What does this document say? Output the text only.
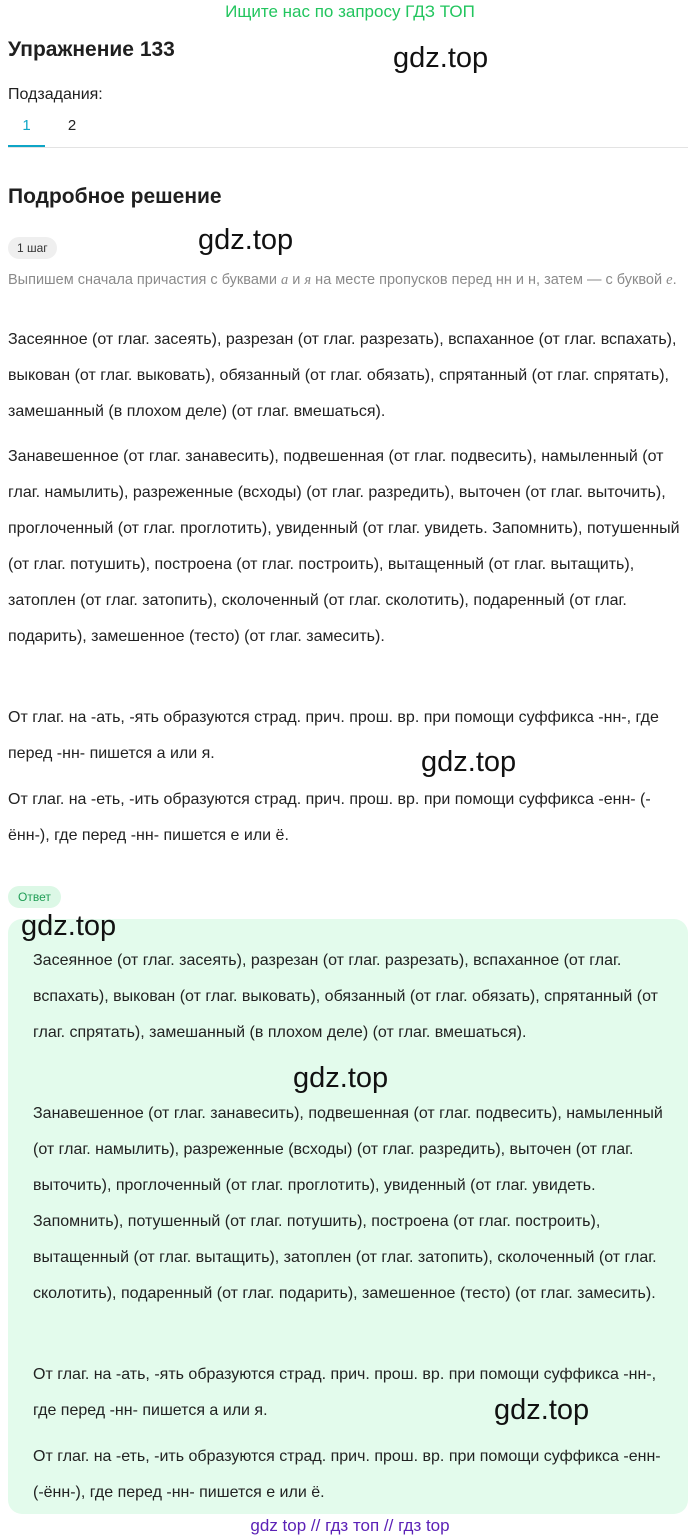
Ищите нас по запросу ГДЗ ТОП
Упражнение 133	gdz.top
Подзадания:
1	2
Подробное решение
gdz.top
1 шаг
Выпишем сначала причастия с буквами а и я на месте пропусков перед нн и н, затем — с буквой е.
Засеянное (от глаг. засеять), разрезан (от глаг. разрезать), вспаханное (от глаг. вспахать), выкован (от глаг. выковать), обязанный (от глаг. обязать), спрятанный (от глаг. спрятать), замешанный (в плохом деле) (от глаг. вмешаться).
Занавешенное (от глаг. занавесить), подвешенная (от глаг. подвесить), намыленный (от глаг. намылить), разреженные (всходы) (от глаг. разредить), выточен (от глаг. выточить), проглоченный (от глаг. проглотить), увиденный (от глаг. увидеть. Запомнить), потушенный (от глаг. потушить), построена (от глаг. построить), вытащенный (от глаг. вытащить), затоплен (от глаг. затопить), сколоченный (от глаг. сколотить), подаренный (от глаг. подарить), замешенное (тесто) (от глаг. замесить).
От глаг. на -ать, -ять образуются страд. прич. прош. вр. при помощи суффикса -нн-, где перед -нн- пишется а или я.	gdz.top
От глаг. на -еть, -ить образуются страд. прич. прош. вр. при помощи суффикса -енн- (-ённ-), где перед -нн- пишется е или ё.
Ответ
gdz.top
Засеянное (от глаг. засеять), разрезан (от глаг. разрезать), вспаханное (от глаг. вспахать), выкован (от глаг. выковать), обязанный (от глаг. обязать), спрятанный (от глаг. спрятать), замешанный (в плохом деле) (от глаг. вмешаться).
gdz.top
Занавешенное (от глаг. занавесить), подвешенная (от глаг. подвесить), намыленный (от глаг. намылить), разреженные (всходы) (от глаг. разредить), выточен (от глаг. выточить), проглоченный (от глаг. проглотить), увиденный (от глаг. увидеть. Запомнить), потушенный (от глаг. потушить), построена (от глаг. построить), вытащенный (от глаг. вытащить), затоплен (от глаг. затопить), сколоченный (от глаг. сколотить), подаренный (от глаг. подарить), замешенное (тесто) (от глаг. замесить).
От глаг. на -ать, -ять образуются страд. прич. прош. вр. при помощи суффикса -нн-, где перед -нн- пишется а или я.	gdz.top
От глаг. на -еть, -ить образуются страд. прич. прош. вр. при помощи суффикса -енн- (-ённ-), где перед -нн- пишется е или ё.
gdz top // гдз топ // гдз top
